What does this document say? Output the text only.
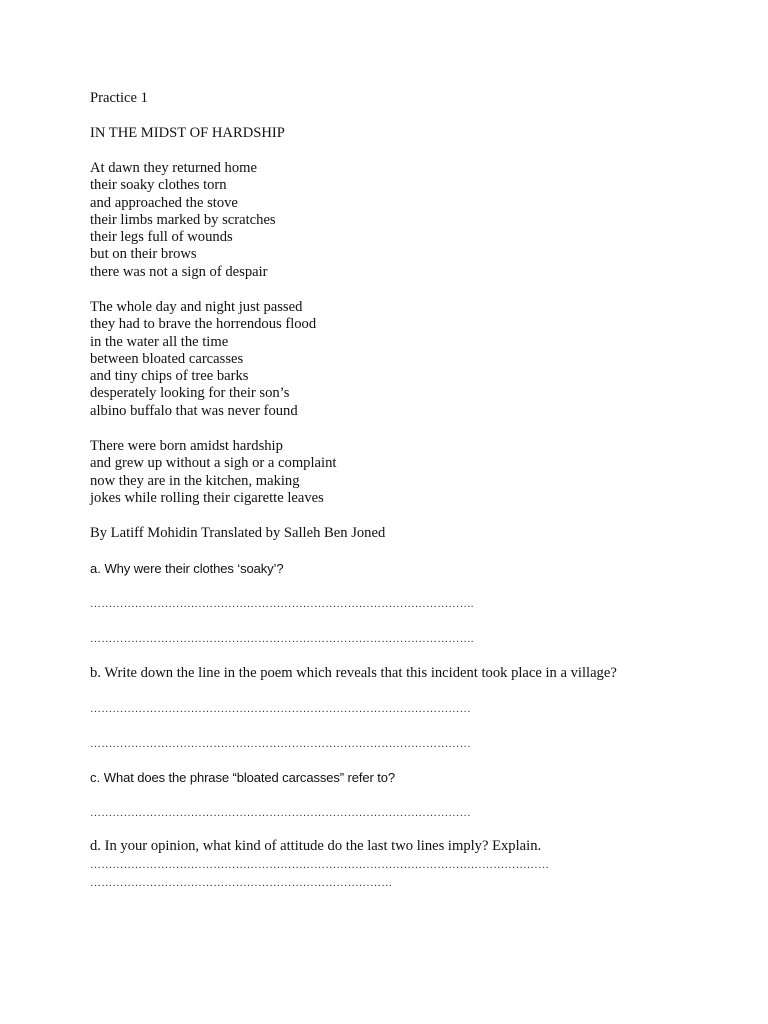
Practice 1
IN THE MIDST OF HARDSHIP
At dawn they returned home
their soaky clothes torn
and approached the stove
their limbs marked by scratches
their legs full of wounds
but on their brows
there was not a sign of despair
The whole day and night just passed
they had to brave the horrendous flood
in the water all the time
between bloated carcasses
and tiny chips of tree barks
desperately looking for their son’s
albino buffalo that was never found
There were born amidst hardship
and grew up without a sigh or a complaint
now they are in the kitchen, making
jokes while rolling their cigarette leaves
By Latiff Mohidin Translated by Salleh Ben Joned
a. Why were their clothes ‘soaky’?
………………………………………………………………………………………….
………………………………………………………………………………………….
b. Write down the line in the poem which reveals that this incident took place in a village?
…………………………………………………………………………………………
…………………………………………………………………………………………
c. What does the phrase “bloated carcasses” refer to?
…………………………………………………………………………………………
d. In your opinion, what kind of attitude do the last two lines imply? Explain.
……………………………………………………………………………………………………………
………………………………………………………………………
